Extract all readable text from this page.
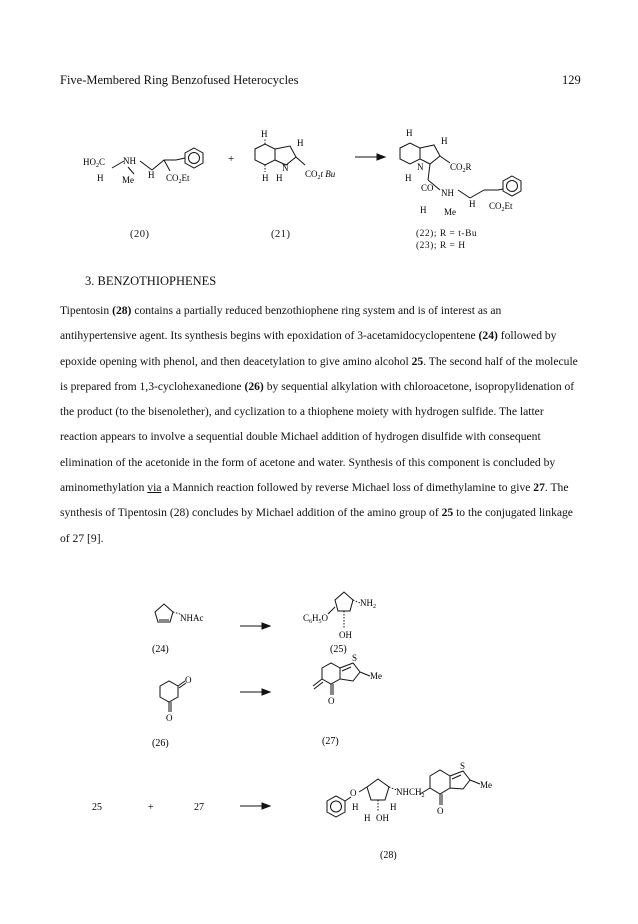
Five-Membered Ring Benzofused Heterocycles	129
$HO_2C$ NH
H Me H $CO_2Et$
+
H
H
N
H H	$CO_2t$ Bu
H
H
N	$CO_2R$
H
CO NH
H Me
H $CO_2Et$
(20)	(21)	(22); R = t-Bu
(23); R = H
3. BENZOTHIOPHENES

Tipentosin (28) contains a partially reduced benzothiophene ring system and is of interest as an antihypertensive agent. Its synthesis begins with epoxidation of 3-acetamidocyclopentene (24) followed by epoxide opening with phenol, and then deacetylation to give amino alcohol 25. The second half of the molecule is prepared from 1,3-cyclohexanedione (26) by sequential alkylation with chloroacetone, isopropylidenation of the product (to the bisenolether), and cyclization to a thiophene moiety with hydrogen sulfide. The latter reaction appears to involve a sequential double Michael addition of hydrogen disulfide with consequent elimination of the acetonide in the form of acetone and water. Synthesis of this component is concluded by aminomethylation via a Mannich reaction followed by reverse Michael loss of dimethylamine to give 27. The synthesis of Tipentosin (28) concludes by Michael addition of the amino group of 25 to the conjugated linkage of 27 [9].

NHAc
(24)
$NH_2$
$C_6H_5O$
OH
(25)
O
O
(26)
S
Me
O
(27)
25	+	27
O	$NHCH_2$
H	H
H OH
S
Me
O
(28)
